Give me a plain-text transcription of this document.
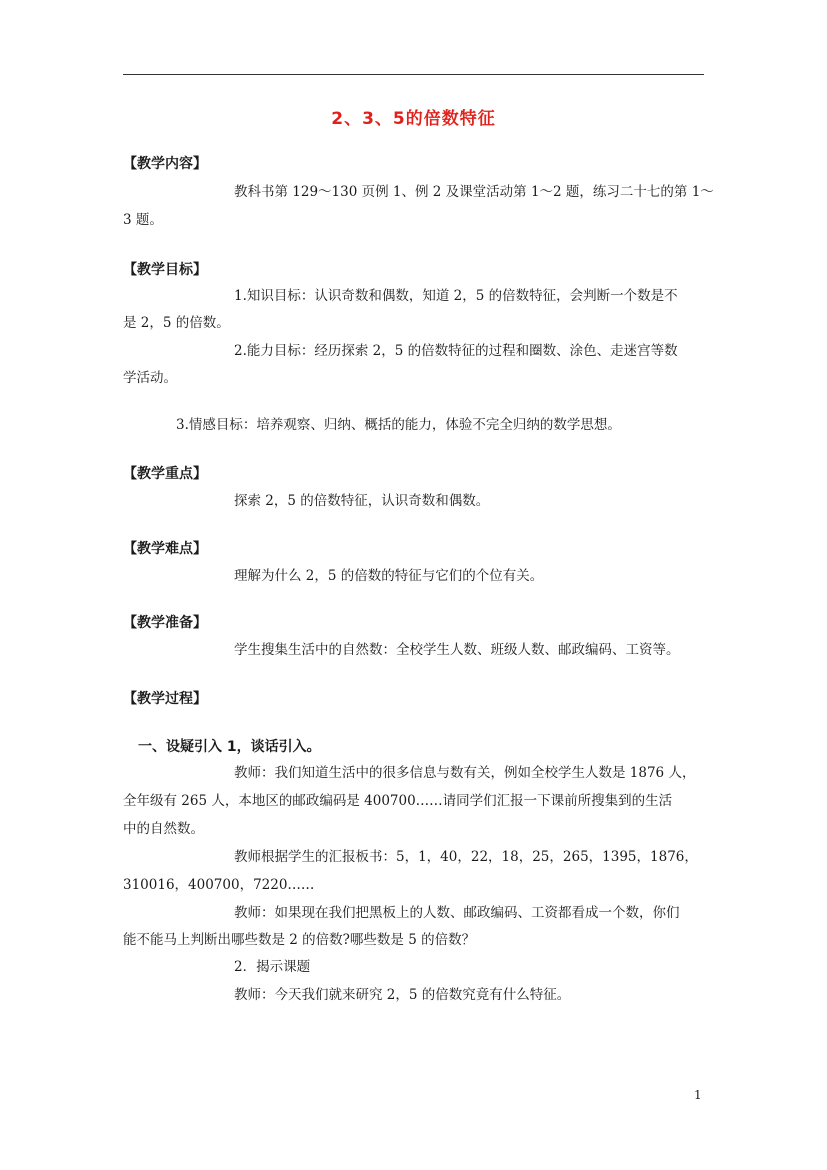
2、3、5的倍数特征
【教学内容】
教科书第 129～130 页例 1、例 2 及课堂活动第 1～2 题，练习二十七的第 1～
3 题。
【教学目标】
1.知识目标：认识奇数和偶数，知道 2，5 的倍数特征，会判断一个数是不
是 2，5 的倍数。
2.能力目标：经历探索 2，5 的倍数特征的过程和圈数、涂色、走迷宫等数
学活动。
3.情感目标：培养观察、归纳、概括的能力，体验不完全归纳的数学思想。
【教学重点】
探索 2，5 的倍数特征，认识奇数和偶数。
【教学难点】
理解为什么 2，5 的倍数的特征与它们的个位有关。
【教学准备】
学生搜集生活中的自然数：全校学生人数、班级人数、邮政编码、工资等。
【教学过程】
一、设疑引入 1，谈话引入。
教师：我们知道生活中的很多信息与数有关，例如全校学生人数是 1876 人，
全年级有 265 人，本地区的邮政编码是 400700……请同学们汇报一下课前所搜集到的生活
中的自然数。
教师根据学生的汇报板书：5，1，40，22，18，25，265，1395，1876，
310016，400700，7220……
教师：如果现在我们把黑板上的人数、邮政编码、工资都看成一个数，你们
能不能马上判断出哪些数是 2 的倍数?哪些数是 5 的倍数？
2．揭示课题
教师：今天我们就来研究 2，5 的倍数究竟有什么特征。
1
